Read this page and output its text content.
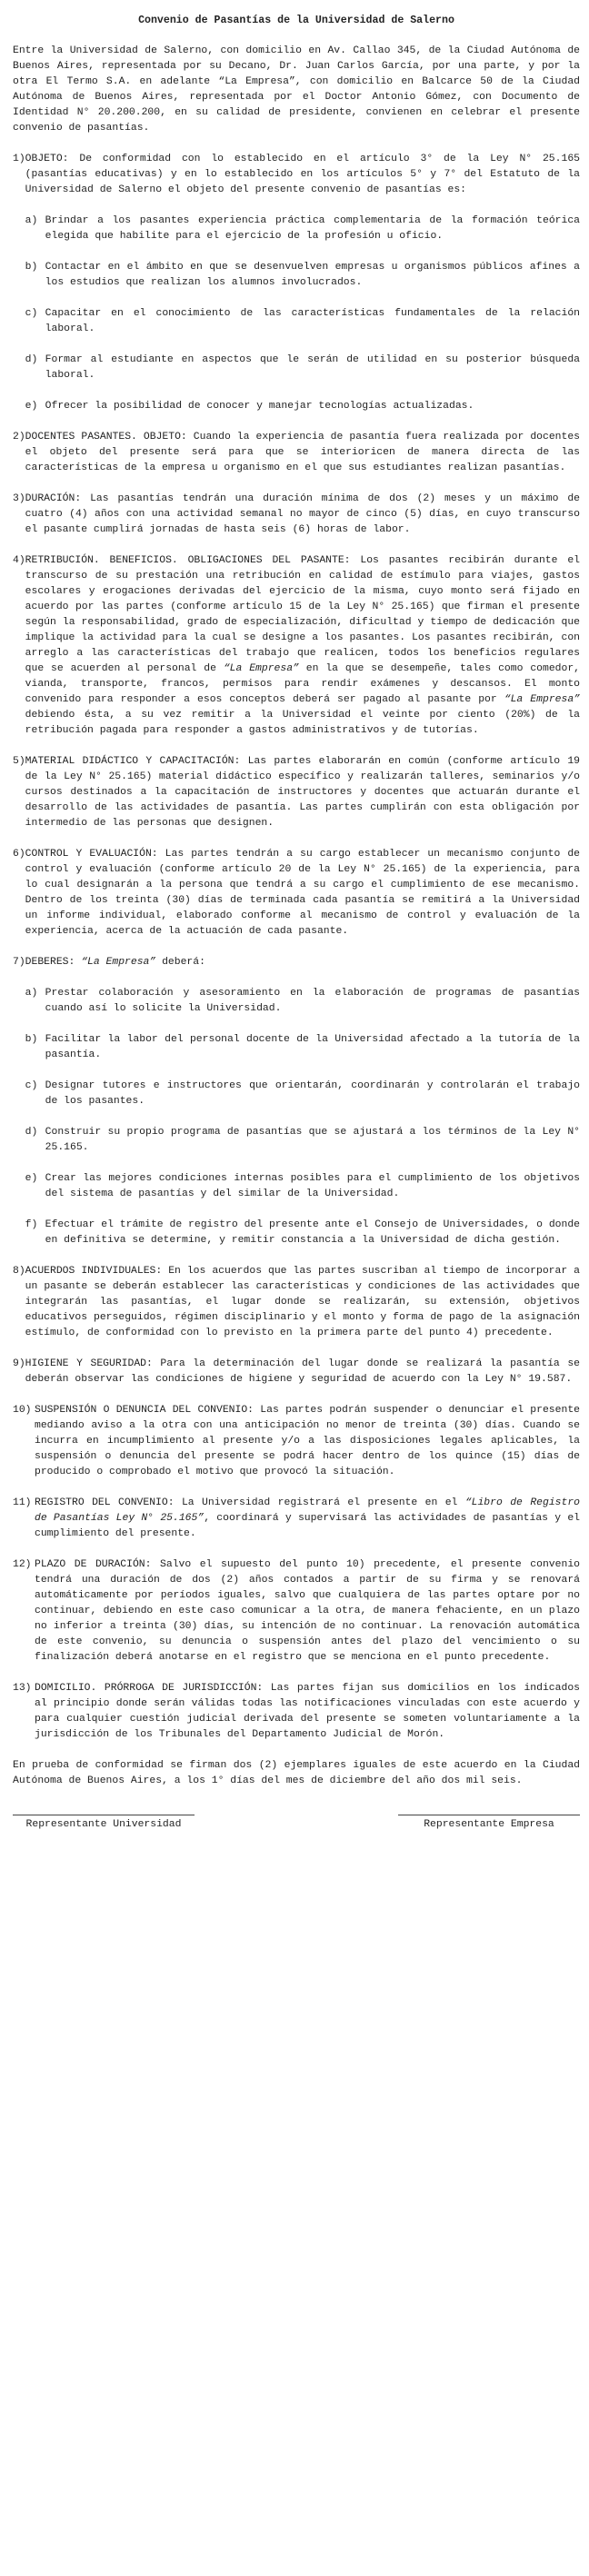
Convenio de Pasantías de la Universidad de Salerno

Entre la Universidad de Salerno, con domicilio en Av. Callao 345, de la Ciudad Autónoma de Buenos Aires, representada por su Decano, Dr. Juan Carlos García, por una parte, y por la otra El Termo S.A. en adelante “La Empresa”, con domicilio en Balcarce 50 de la Ciudad Autónoma de Buenos Aires, representada por el Doctor Antonio Gómez, con Documento de Identidad N° 20.200.200, en su calidad de presidente, convienen en celebrar el presente convenio de pasantías.

1) OBJETO: De conformidad con lo establecido en el artículo 3° de la Ley N° 25.165 (pasantías educativas) y en lo establecido en los artículos 5° y 7° del Estatuto de la Universidad de Salerno el objeto del presente convenio de pasantías es:

a) Brindar a los pasantes experiencia práctica complementaria de la formación teórica elegida que habilite para el ejercicio de la profesión u oficio.
b) Contactar en el ámbito en que se desenvuelven empresas u organismos públicos afines a los estudios que realizan los alumnos involucrados.
c) Capacitar en el conocimiento de las características fundamentales de la relación laboral.
d) Formar al estudiante en aspectos que le serán de utilidad en su posterior búsqueda laboral.
e) Ofrecer la posibilidad de conocer y manejar tecnologías actualizadas.
2) DOCENTES PASANTES. OBJETO: Cuando la experiencia de pasantía fuera realizada por docentes el objeto del presente será para que se interioricen de manera directa de las características de la empresa u organismo en el que sus estudiantes realizan pasantías.

3) DURACIÓN: Las pasantías tendrán una duración mínima de dos (2) meses y un máximo de cuatro (4) años con una actividad semanal no mayor de cinco (5) días, en cuyo transcurso el pasante cumplirá jornadas de hasta seis (6) horas de labor.

4) RETRIBUCIÓN. BENEFICIOS. OBLIGACIONES DEL PASANTE: Los pasantes recibirán durante el transcurso de su prestación una retribución en calidad de estímulo para viajes, gastos escolares y erogaciones derivadas del ejercicio de la misma, cuyo monto será fijado en acuerdo por las partes (conforme artículo 15 de la Ley N° 25.165) que firman el presente según la responsabilidad, grado de especialización, dificultad y tiempo de dedicación que implique la actividad para la cual se designe a los pasantes. Los pasantes recibirán, con arreglo a las características del trabajo que realicen, todos los beneficios regulares que se acuerden al personal de “La Empresa” en la que se desempeñe, tales como comedor, vianda, transporte, francos, permisos para rendir exámenes y descansos. El monto convenido para responder a esos conceptos deberá ser pagado al pasante por “La Empresa” debiendo ésta, a su vez remitir a la Universidad el veinte por ciento (20%) de la retribución pagada para responder a gastos administrativos y de tutorías.

5) MATERIAL DIDÁCTICO Y CAPACITACIÓN: Las partes elaborarán en común (conforme artículo 19 de la Ley N° 25.165) material didáctico específico y realizarán talleres, seminarios y/o cursos destinados a la capacitación de instructores y docentes que actuarán durante el desarrollo de las actividades de pasantía. Las partes cumplirán con esta obligación por intermedio de las personas que designen.

6) CONTROL Y EVALUACIÓN: Las partes tendrán a su cargo establecer un mecanismo conjunto de control y evaluación (conforme artículo 20 de la Ley N° 25.165) de la experiencia, para lo cual designarán a la persona que tendrá a su cargo el cumplimiento de ese mecanismo. Dentro de los treinta (30) días de terminada cada pasantía se remitirá a la Universidad un informe individual, elaborado conforme al mecanismo de control y evaluación de la experiencia, acerca de la actuación de cada pasante.

7) DEBERES: “La Empresa” deberá:

a) Prestar colaboración y asesoramiento en la elaboración de programas de pasantías cuando así lo solicite la Universidad.
b) Facilitar la labor del personal docente de la Universidad afectado a la tutoría de la pasantía.
c) Designar tutores e instructores que orientarán, coordinarán y controlarán el trabajo de los pasantes.
d) Construir su propio programa de pasantías que se ajustará a los términos de la Ley N° 25.165.
e) Crear las mejores condiciones internas posibles para el cumplimiento de los objetivos del sistema de pasantías y del similar de la Universidad.
f) Efectuar el trámite de registro del presente ante el Consejo de Universidades, o donde en definitiva se determine, y remitir constancia a la Universidad de dicha gestión.
8) ACUERDOS INDIVIDUALES: En los acuerdos que las partes suscriban al tiempo de incorporar a un pasante se deberán establecer las características y condiciones de las actividades que integrarán las pasantías, el lugar donde se realizarán, su extensión, objetivos educativos perseguidos, régimen disciplinario y el monto y forma de pago de la asignación estímulo, de conformidad con lo previsto en la primera parte del punto 4) precedente.

9) HIGIENE Y SEGURIDAD: Para la determinación del lugar donde se realizará la pasantía se deberán observar las condiciones de higiene y seguridad de acuerdo con la Ley N° 19.587.

10) SUSPENSIÓN O DENUNCIA DEL CONVENIO: Las partes podrán suspender o denunciar el presente mediando aviso a la otra con una anticipación no menor de treinta (30) días. Cuando se incurra en incumplimiento al presente y/o a las disposiciones legales aplicables, la suspensión o denuncia del presente se podrá hacer dentro de los quince (15) días de producido o comprobado el motivo que provocó la situación.

11) REGISTRO DEL CONVENIO: La Universidad registrará el presente en el “Libro de Registro de Pasantías Ley N° 25.165”, coordinará y supervisará las actividades de pasantías y el cumplimiento del presente.

12) PLAZO DE DURACIÓN: Salvo el supuesto del punto 10) precedente, el presente convenio tendrá una duración de dos (2) años contados a partir de su firma y se renovará automáticamente por períodos iguales, salvo que cualquiera de las partes optare por no continuar, debiendo en este caso comunicar a la otra, de manera fehaciente, en un plazo no inferior a treinta (30) días, su intención de no continuar. La renovación automática de este convenio, su denuncia o suspensión antes del plazo del vencimiento o su finalización deberá anotarse en el registro que se menciona en el punto precedente.

13) DOMICILIO. PRÓRROGA DE JURISDICCIÓN: Las partes fijan sus domicilios en los indicados al principio donde serán válidas todas las notificaciones vinculadas con este acuerdo y para cualquier cuestión judicial derivada del presente se someten voluntariamente a la jurisdicción de los Tribunales del Departamento Judicial de Morón.

En prueba de conformidad se firman dos (2) ejemplares iguales de este acuerdo en la Ciudad Autónoma de Buenos Aires, a los 1° días del mes de diciembre del año dos mil seis.

Representante Universidad	Representante Empresa
